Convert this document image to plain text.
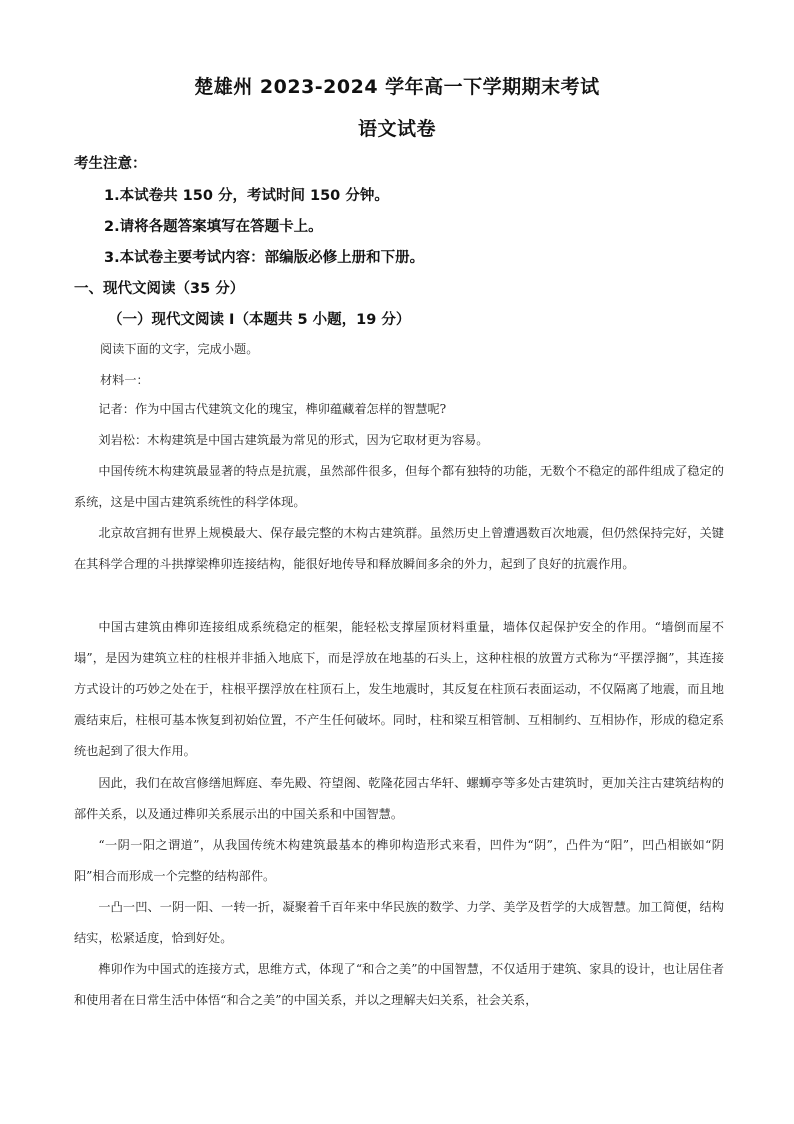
楚雄州 2023-2024 学年高一下学期期末考试
语文试卷
考生注意：
1.本试卷共 150 分，考试时间 150 分钟。
2.请将各题答案填写在答题卡上。
3.本试卷主要考试内容：部编版必修上册和下册。
一、现代文阅读（35 分）
（一）现代文阅读 I（本题共 5 小题，19 分）
阅读下面的文字，完成小题。
材料一：
记者：作为中国古代建筑文化的瑰宝，榫卯蕴藏着怎样的智慧呢?
刘岩松：木构建筑是中国古建筑最为常见的形式，因为它取材更为容易。
中国传统木构建筑最显著的特点是抗震，虽然部件很多，但每个都有独特的功能，无数个不稳定的部件组成了稳定的系统，这是中国古建筑系统性的科学体现。
北京故宫拥有世界上规模最大、保存最完整的木构古建筑群。虽然历史上曾遭遇数百次地震，但仍然保持完好，关键在其科学合理的斗拱撑梁榫卯连接结构，能很好地传导和释放瞬间多余的外力，起到了良好的抗震作用。
中国古建筑由榫卯连接组成系统稳定的框架，能轻松支撑屋顶材料重量，墙体仅起保护安全的作用。“墙倒而屋不塌”，是因为建筑立柱的柱根并非插入地底下，而是浮放在地基的石头上，这种柱根的放置方式称为“平摆浮搁”，其连接方式设计的巧妙之处在于，柱根平摆浮放在柱顶石上，发生地震时，其反复在柱顶石表面运动，不仅隔离了地震，而且地震结束后，柱根可基本恢复到初始位置，不产生任何破坏。同时，柱和梁互相管制、互相制约、互相协作，形成的稳定系统也起到了很大作用。
因此，我们在故宫修缮旭辉庭、奉先殿、符望阁、乾隆花园古华轩、螺蛳亭等多处古建筑时，更加关注古建筑结构的部件关系，以及通过榫卯关系展示出的中国关系和中国智慧。
“一阴一阳之谓道”，从我国传统木构建筑最基本的榫卯构造形式来看，凹件为“阴”，凸件为“阳”，凹凸相嵌如“阴阳”相合而形成一个完整的结构部件。
一凸一凹、一阴一阳、一转一折，凝聚着千百年来中华民族的数学、力学、美学及哲学的大成智慧。加工简便，结构结实，松紧适度，恰到好处。
榫卯作为中国式的连接方式，思维方式，体现了“和合之美”的中国智慧，不仅适用于建筑、家具的设计，也让居住者和使用者在日常生活中体悟“和合之美”的中国关系，并以之理解夫妇关系，社会关系，
